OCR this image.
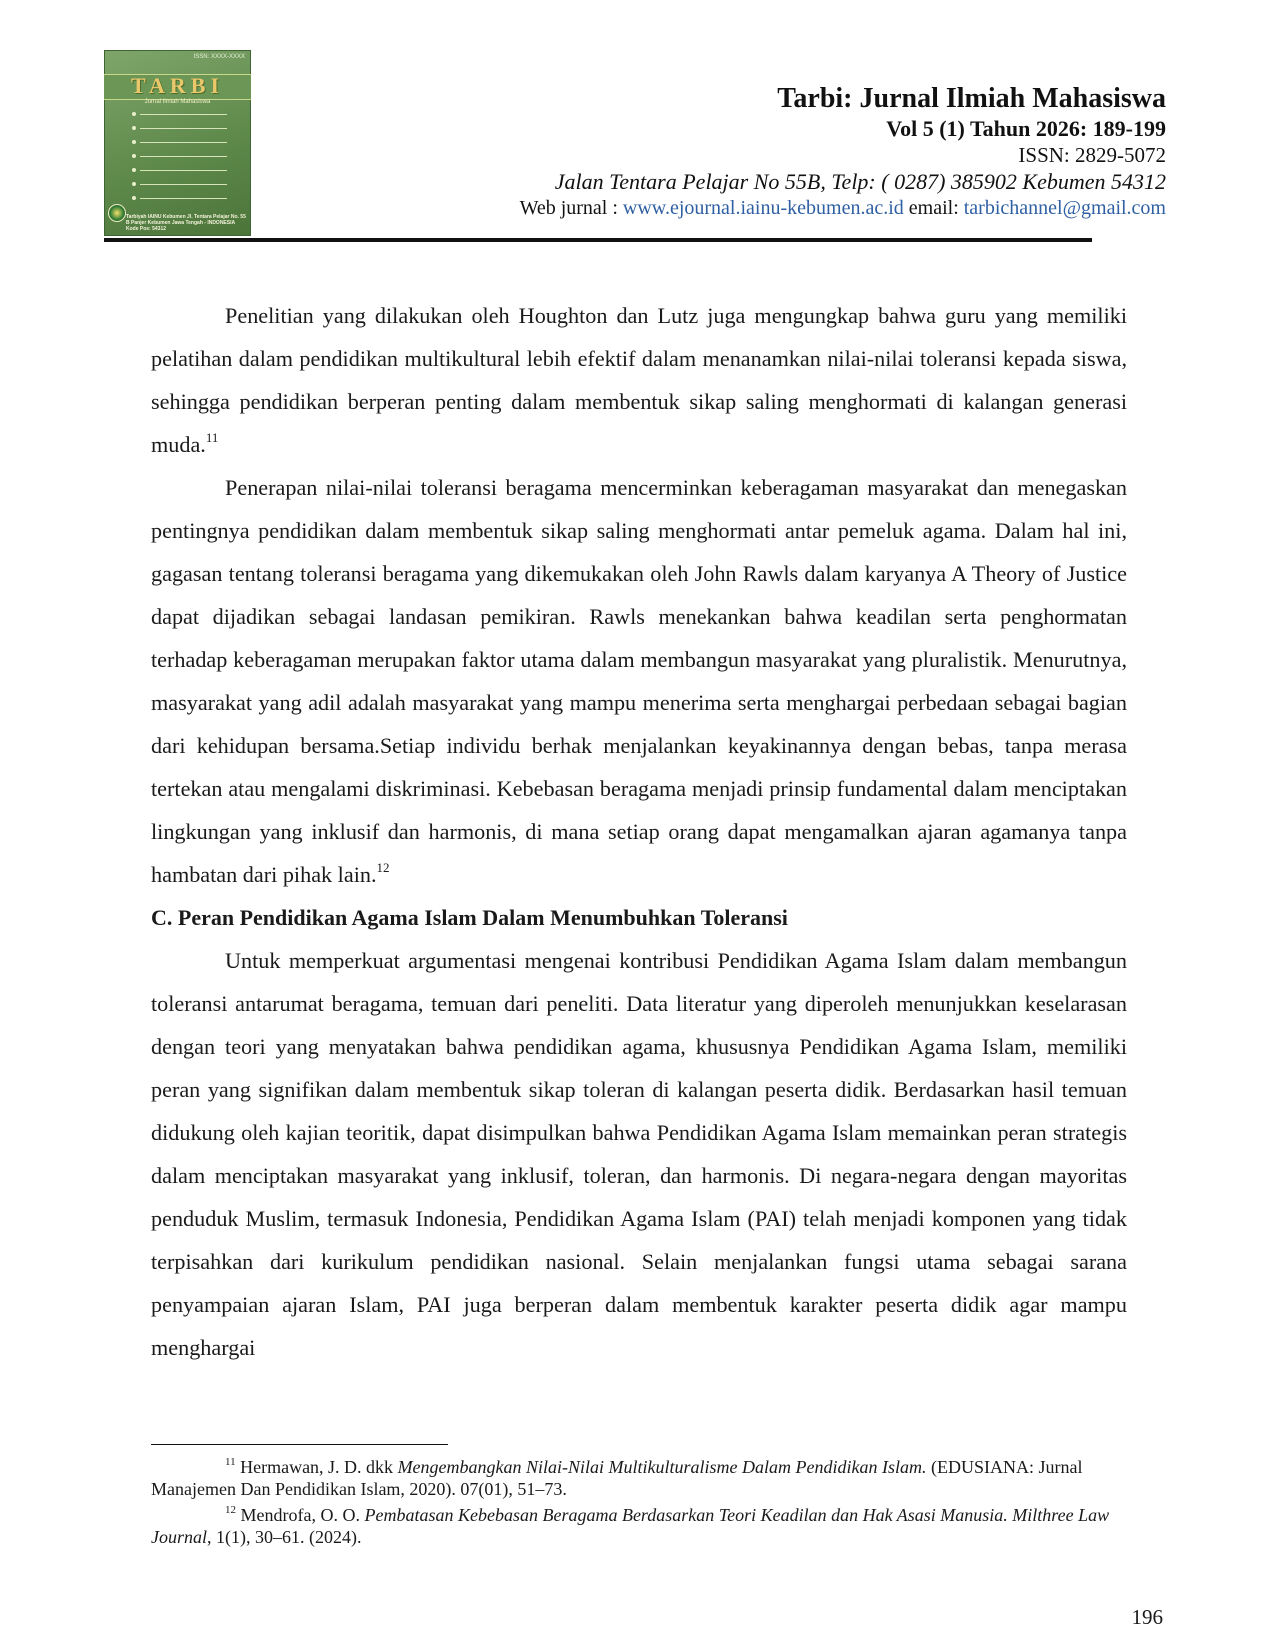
ISSN: XXXX-XXXX
TARBI
Jurnal Ilmiah Mahasiswa
Tarbiyah IAINU Kebumen Jl. Tentara Pelajar No. 55 B Panjer Kebumen Jawa Tengah - INDONESIA Kode Pos: 54312
Tarbi: Jurnal Ilmiah Mahasiswa
Vol 5 (1) Tahun 2026: 189-199
ISSN: 2829-5072
Jalan Tentara Pelajar No 55B, Telp: ( 0287) 385902 Kebumen 54312
Web jurnal : www.ejournal.iainu-kebumen.ac.id email: tarbichannel@gmail.com

Penelitian yang dilakukan oleh Houghton dan Lutz juga mengungkap bahwa guru yang memiliki pelatihan dalam pendidikan multikultural lebih efektif dalam menanamkan nilai-nilai toleransi kepada siswa, sehingga pendidikan berperan penting dalam membentuk sikap saling menghormati di kalangan generasi muda.$^{11}$

Penerapan nilai-nilai toleransi beragama mencerminkan keberagaman masyarakat dan menegaskan pentingnya pendidikan dalam membentuk sikap saling menghormati antar pemeluk agama. Dalam hal ini, gagasan tentang toleransi beragama yang dikemukakan oleh John Rawls dalam karyanya A Theory of Justice dapat dijadikan sebagai landasan pemikiran. Rawls menekankan bahwa keadilan serta penghormatan terhadap keberagaman merupakan faktor utama dalam membangun masyarakat yang pluralistik. Menurutnya, masyarakat yang adil adalah masyarakat yang mampu menerima serta menghargai perbedaan sebagai bagian dari kehidupan bersama.Setiap individu berhak menjalankan keyakinannya dengan bebas, tanpa merasa tertekan atau mengalami diskriminasi. Kebebasan beragama menjadi prinsip fundamental dalam menciptakan lingkungan yang inklusif dan harmonis, di mana setiap orang dapat mengamalkan ajaran agamanya tanpa hambatan dari pihak lain.$^{12}$

C. Peran Pendidikan Agama Islam Dalam Menumbuhkan Toleransi

Untuk memperkuat argumentasi mengenai kontribusi Pendidikan Agama Islam dalam membangun toleransi antarumat beragama, temuan dari peneliti. Data literatur yang diperoleh menunjukkan keselarasan dengan teori yang menyatakan bahwa pendidikan agama, khususnya Pendidikan Agama Islam, memiliki peran yang signifikan dalam membentuk sikap toleran di kalangan peserta didik. Berdasarkan hasil temuan didukung oleh kajian teoritik, dapat disimpulkan bahwa Pendidikan Agama Islam memainkan peran strategis dalam menciptakan masyarakat yang inklusif, toleran, dan harmonis. Di negara-negara dengan mayoritas penduduk Muslim, termasuk Indonesia, Pendidikan Agama Islam (PAI) telah menjadi komponen yang tidak terpisahkan dari kurikulum pendidikan nasional. Selain menjalankan fungsi utama sebagai sarana penyampaian ajaran Islam, PAI juga berperan dalam membentuk karakter peserta didik agar mampu menghargai

$^{11}$ Hermawan, J. D. dkk Mengembangkan Nilai-Nilai Multikulturalisme Dalam Pendidikan Islam. (EDUSIANA: Jurnal Manajemen Dan Pendidikan Islam, 2020). 07(01), 51–73.

$^{12}$ Mendrofa, O. O. Pembatasan Kebebasan Beragama Berdasarkan Teori Keadilan dan Hak Asasi Manusia. Milthree Law Journal, 1(1), 30–61. (2024).

196
